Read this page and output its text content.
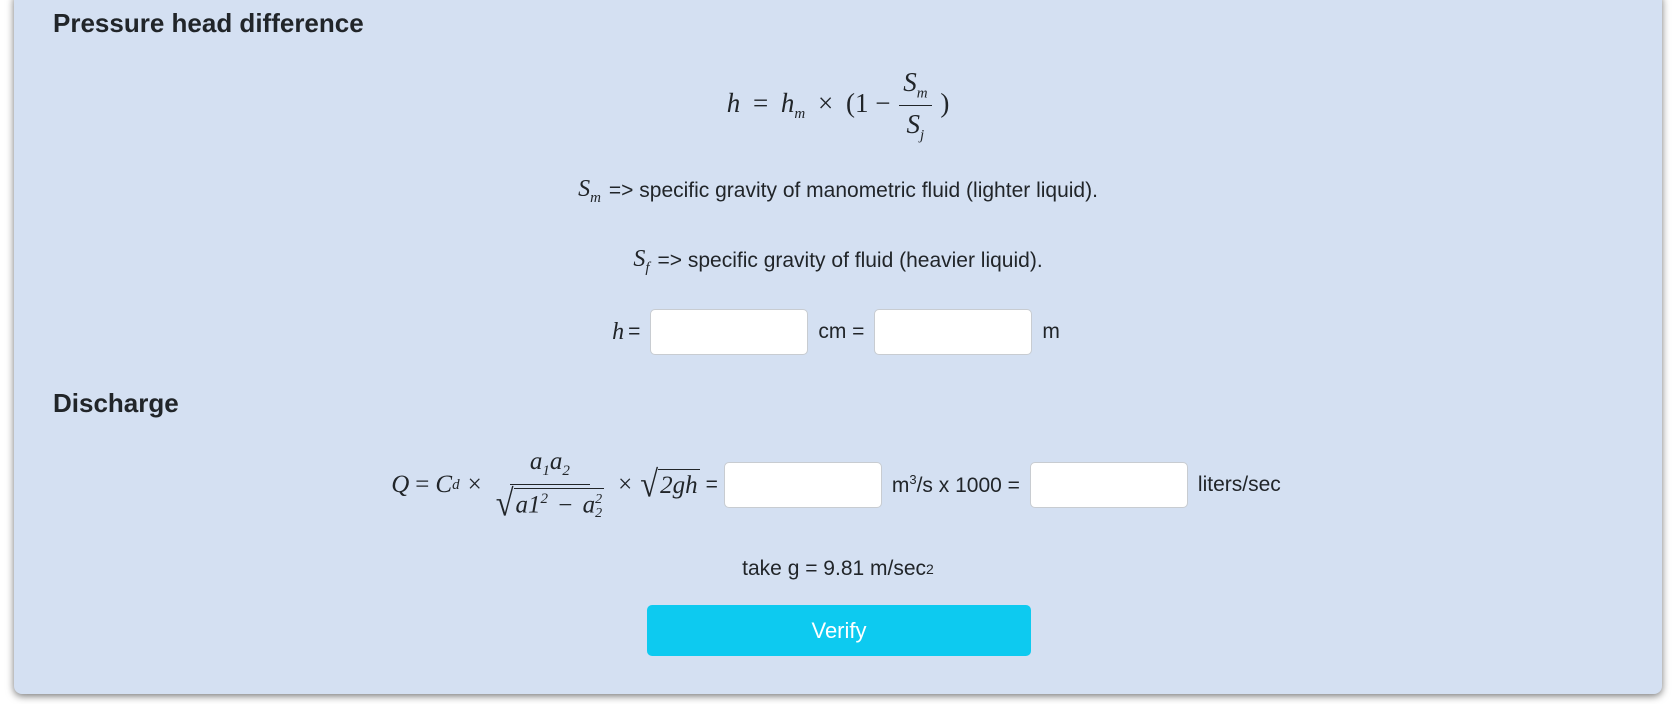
Pressure head difference
$h = h_m \times (1 - \frac{S_m}{S_j}$ )
$S_m$ => specific gravity of manometric fluid (lighter liquid).
$S_f$ => specific gravity of fluid (heavier liquid).
h =	cm =	m
Discharge
Q = C $d \times a_1a_2$
√ $a1^2 - a$ 2
2 × √ 2gh =	$m^3/s$ x 1000 =	liters/sec
take g = 9.81 m/sec 2
Verify
